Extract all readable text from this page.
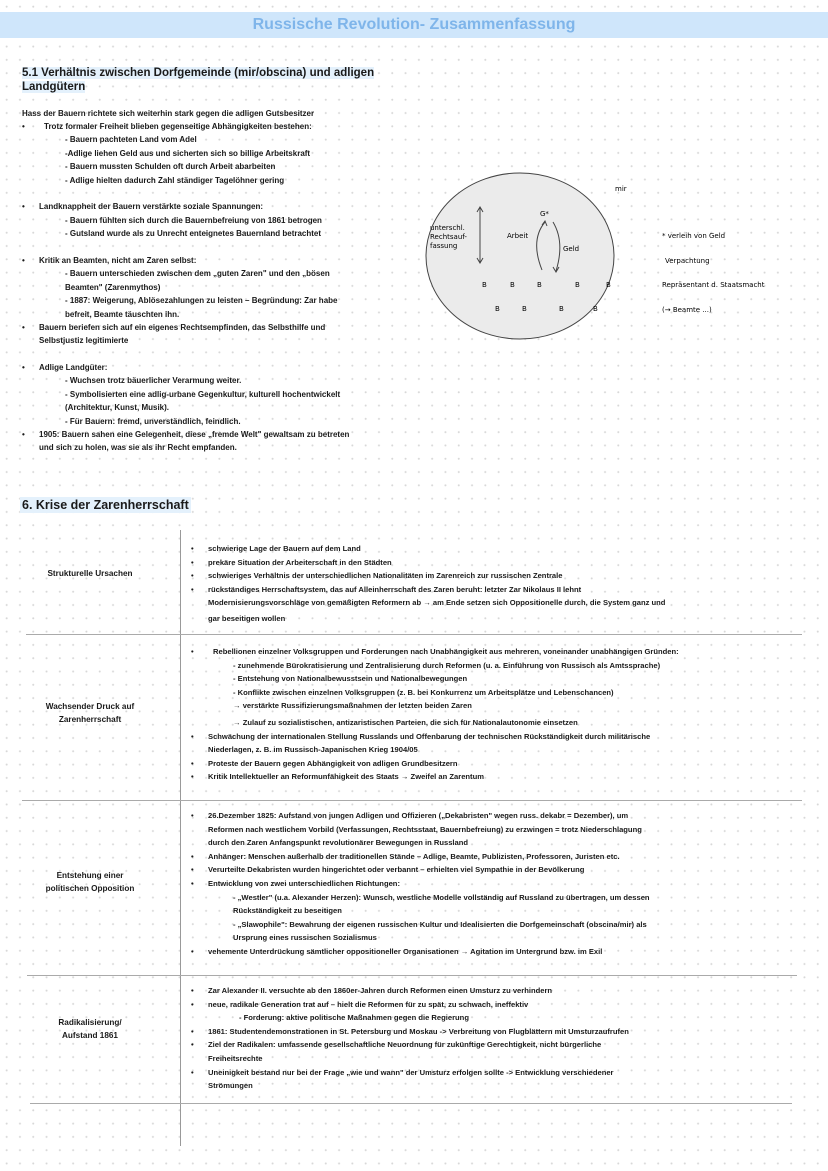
Russische Revolution- Zusammenfassung
5.1 Verhältnis zwischen Dorfgemeinde (mir/obscina) und adligen
Landgütern
Hass der Bauern richtete sich weiterhin stark gegen die adligen Gutsbesitzer
• Trotz formaler Freiheit blieben gegenseitige Abhängigkeiten bestehen:
- Bauern pachteten Land vom Adel
-Adlige liehen Geld aus und sicherten sich so billige Arbeitskraft
- Bauern mussten Schulden oft durch Arbeit abarbeiten
- Adlige hielten dadurch Zahl ständiger Tagelöhner gering
• Landknappheit der Bauern verstärkte soziale Spannungen:
- Bauern fühlten sich durch die Bauernbefreiung von 1861 betrogen
- Gutsland wurde als zu Unrecht enteignetes Bauernland betrachtet
• Kritik an Beamten, nicht am Zaren selbst:
- Bauern unterschieden zwischen dem „guten Zaren" und den „bösen
Beamten" (Zarenmythos)
- 1887: Weigerung, Ablösezahlungen zu leisten – Begründung: Zar habe
befreit, Beamte täuschten ihn.
• Bauern beriefen sich auf ein eigenes Rechtsempfinden, das Selbsthilfe und
Selbstjustiz legitimierte
• Adlige Landgüter:
- Wuchsen trotz bäuerlicher Verarmung weiter.
- Symbolisierten eine adlig-urbane Gegenkultur, kulturell hochentwickelt
(Architektur, Kunst, Musik).
- Für Bauern: fremd, unverständlich, feindlich.
• 1905: Bauern sahen eine Gelegenheit, diese „fremde Welt" gewaltsam zu betreten
und sich zu holen, was sie als ihr Recht empfanden.
mir
G*
Arbeit
Geld
unterschl.
Rechtsauf-
fassung
B	B	B	B	B
B	B	B	B
* verleih von Geld
Verpachtung
Repräsentant d. Staatsmacht
(→ Beamte ...)
6. Krise der Zarenherrschaft
Strukturelle Ursachen
• schwierige Lage der Bauern auf dem Land
• prekäre Situation der Arbeiterschaft in den Städten
• schwieriges Verhältnis der unterschiedlichen Nationalitäten im Zarenreich zur russischen Zentrale
• rückständiges Herrschaftsystem, das auf Alleinherrschaft des Zaren beruht: letzter Zar Nikolaus II lehnt
Modernisierungsvorschläge von gemäßigten Reformern ab → am Ende setzen sich Oppositionelle durch, die System ganz und
gar beseitigen wollen
Wachsender Druck auf
Zarenherrschaft
•	Rebellionen einzelner Volksgruppen und Forderungen nach Unabhängigkeit aus mehreren, voneinander unabhängigen Gründen:
- zunehmende Bürokratisierung und Zentralisierung durch Reformen (u. a. Einführung von Russisch als Amtssprache)
- Entstehung von Nationalbewusstsein und Nationalbewegungen
- Konflikte zwischen einzelnen Volksgruppen (z. B. bei Konkurrenz um Arbeitsplätze und Lebenschancen)
→ verstärkte Russifizierungsmaßnahmen der letzten beiden Zaren
→ Zulauf zu sozialistischen, antizaristischen Parteien, die sich für Nationalautonomie einsetzen
• Schwächung der internationalen Stellung Russlands und Offenbarung der technischen Rückständigkeit durch militärische
Niederlagen, z. B. im Russisch-Japanischen Krieg 1904/05
• Proteste der Bauern gegen Abhängigkeit von adligen Grundbesitzern
• Kritik Intellektueller an Reformunfähigkeit des Staats → Zweifel an Zarentum
Entstehung einer
politischen Opposition
• 26.Dezember 1825: Aufstand von jungen Adligen und Offizieren („Dekabristen" wegen russ. dekabr = Dezember), um
Reformen nach westlichem Vorbild (Verfassungen, Rechtsstaat, Bauernbefreiung) zu erzwingen = trotz Niederschlagung
durch den Zaren Anfangspunkt revolutionärer Bewegungen in Russland
• Anhänger: Menschen außerhalb der traditionellen Stände – Adlige, Beamte, Publizisten, Professoren, Juristen etc.
• Verurteilte Dekabristen wurden hingerichtet oder verbannt – erhielten viel Sympathie in der Bevölkerung
• Entwicklung von zwei unterschiedlichen Richtungen:
- „Westler" (u.a. Alexander Herzen): Wunsch, westliche Modelle vollständig auf Russland zu übertragen, um dessen
Rückständigkeit zu beseitigen
- „Slawophile": Bewahrung der eigenen russischen Kultur und Idealisierten die Dorfgemeinschaft (obscina/mir) als
Ursprung eines russischen Sozialismus
• vehemente Unterdrückung sämtlicher oppositioneller Organisationen → Agitation im Untergrund bzw. im Exil
Radikalisierung/
Aufstand 1861
• Zar Alexander II. versuchte ab den 1860er-Jahren durch Reformen einen Umsturz zu verhindern
• neue, radikale Generation trat auf – hielt die Reformen für zu spät, zu schwach, ineffektiv
- Forderung: aktive politische Maßnahmen gegen die Regierung
• 1861: Studentendemonstrationen in St. Petersburg und Moskau -> Verbreitung von Flugblättern mit Umsturzaufrufen
• Ziel der Radikalen: umfassende gesellschaftliche Neuordnung für zukünftige Gerechtigkeit, nicht bürgerliche
Freiheitsrechte
• Uneinigkeit bestand nur bei der Frage „wie und wann" der Umsturz erfolgen sollte -> Entwicklung verschiedener
Strömungen
